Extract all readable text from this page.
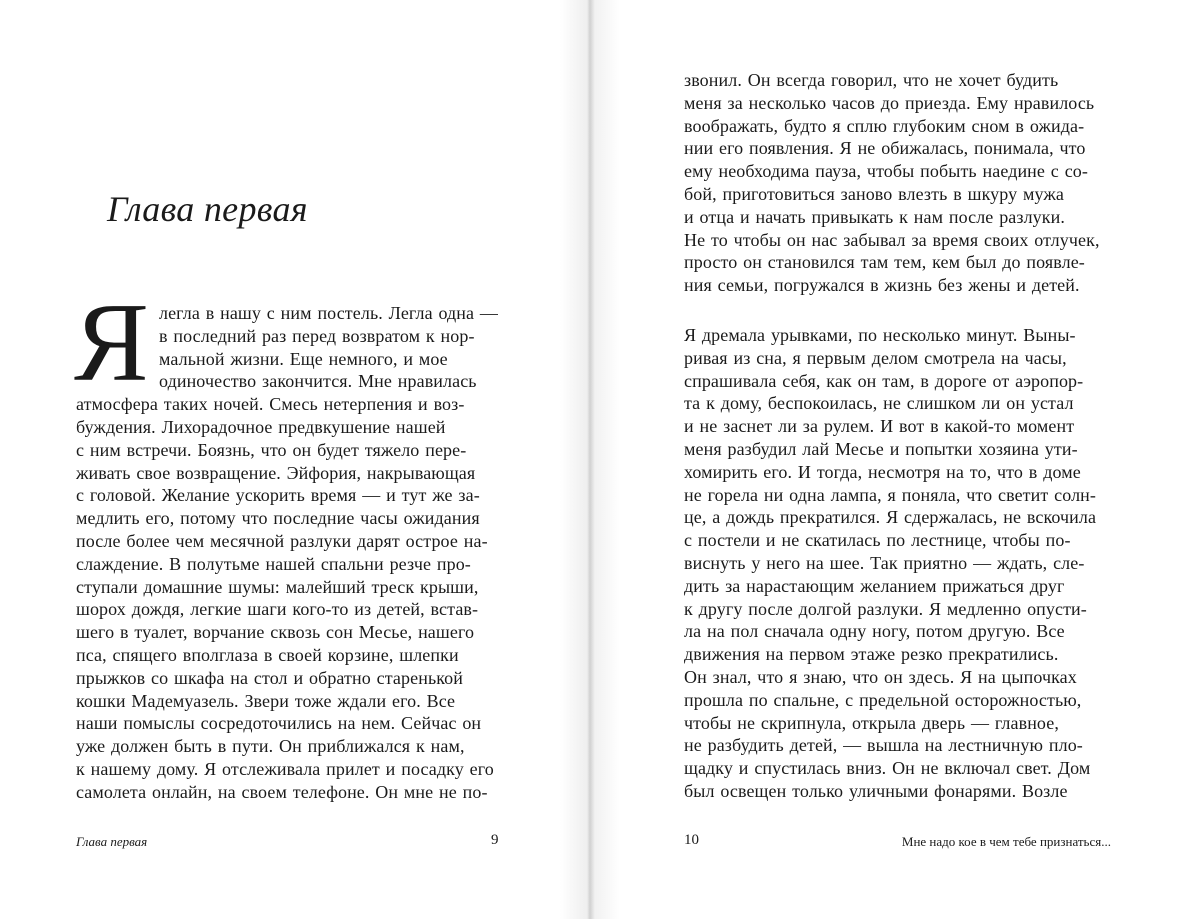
Глава первая
Я легла в нашу с ним постель. Легла одна —
в последний раз перед возвратом к нор-
мальной жизни. Еще немного, и мое
одиночество закончится. Мне нравилась
атмосфера таких ночей. Смесь нетерпения и воз-
буждения. Лихорадочное предвкушение нашей
с ним встречи. Боязнь, что он будет тяжело пере-
живать свое возвращение. Эйфория, накрывающая
с головой. Желание ускорить время — и тут же за-
медлить его, потому что последние часы ожидания
после более чем месячной разлуки дарят острое на-
слаждение. В полутьме нашей спальни резче про-
ступали домашние шумы: малейший треск крыши,
шорох дождя, легкие шаги кого-то из детей, встав-
шего в туалет, ворчание сквозь сон Месье, нашего
пса, спящего вполглаза в своей корзине, шлепки
прыжков со шкафа на стол и обратно старенькой
кошки Мадемуазель. Звери тоже ждали его. Все
наши помыслы сосредоточились на нем. Сейчас он
уже должен быть в пути. Он приближался к нам,
к нашему дому. Я отслеживала прилет и посадку его
самолета онлайн, на своем телефоне. Он мне не по-
звонил. Он всегда говорил, что не хочет будить
меня за несколько часов до приезда. Ему нравилось
воображать, будто я сплю глубоким сном в ожида-
нии его появления. Я не обижалась, понимала, что
ему необходима пауза, чтобы побыть наедине с со-
бой, приготовиться заново влезть в шкуру мужа
и отца и начать привыкать к нам после разлуки.
Не то чтобы он нас забывал за время своих отлучек,
просто он становился там тем, кем был до появле-
ния семьи, погружался в жизнь без жены и детей.
Я дремала урывками, по несколько минут. Выны-
ривая из сна, я первым делом смотрела на часы,
спрашивала себя, как он там, в дороге от аэропор-
та к дому, беспокоилась, не слишком ли он устал
и не заснет ли за рулем. И вот в какой-то момент
меня разбудил лай Месье и попытки хозяина ути-
хомирить его. И тогда, несмотря на то, что в доме
не горела ни одна лампа, я поняла, что светит солн-
це, а дождь прекратился. Я сдержалась, не вскочила
с постели и не скатилась по лестнице, чтобы по-
виснуть у него на шее. Так приятно — ждать, сле-
дить за нарастающим желанием прижаться друг
к другу после долгой разлуки. Я медленно опусти-
ла на пол сначала одну ногу, потом другую. Все
движения на первом этаже резко прекратились.
Он знал, что я знаю, что он здесь. Я на цыпочках
прошла по спальне, с предельной осторожностью,
чтобы не скрипнула, открыла дверь — главное,
не разбудить детей, — вышла на лестничную пло-
щадку и спустилась вниз. Он не включал свет. Дом
был освещен только уличными фонарями. Возле

Глава первая	9	10	Мне надо кое в чем тебе признаться...
